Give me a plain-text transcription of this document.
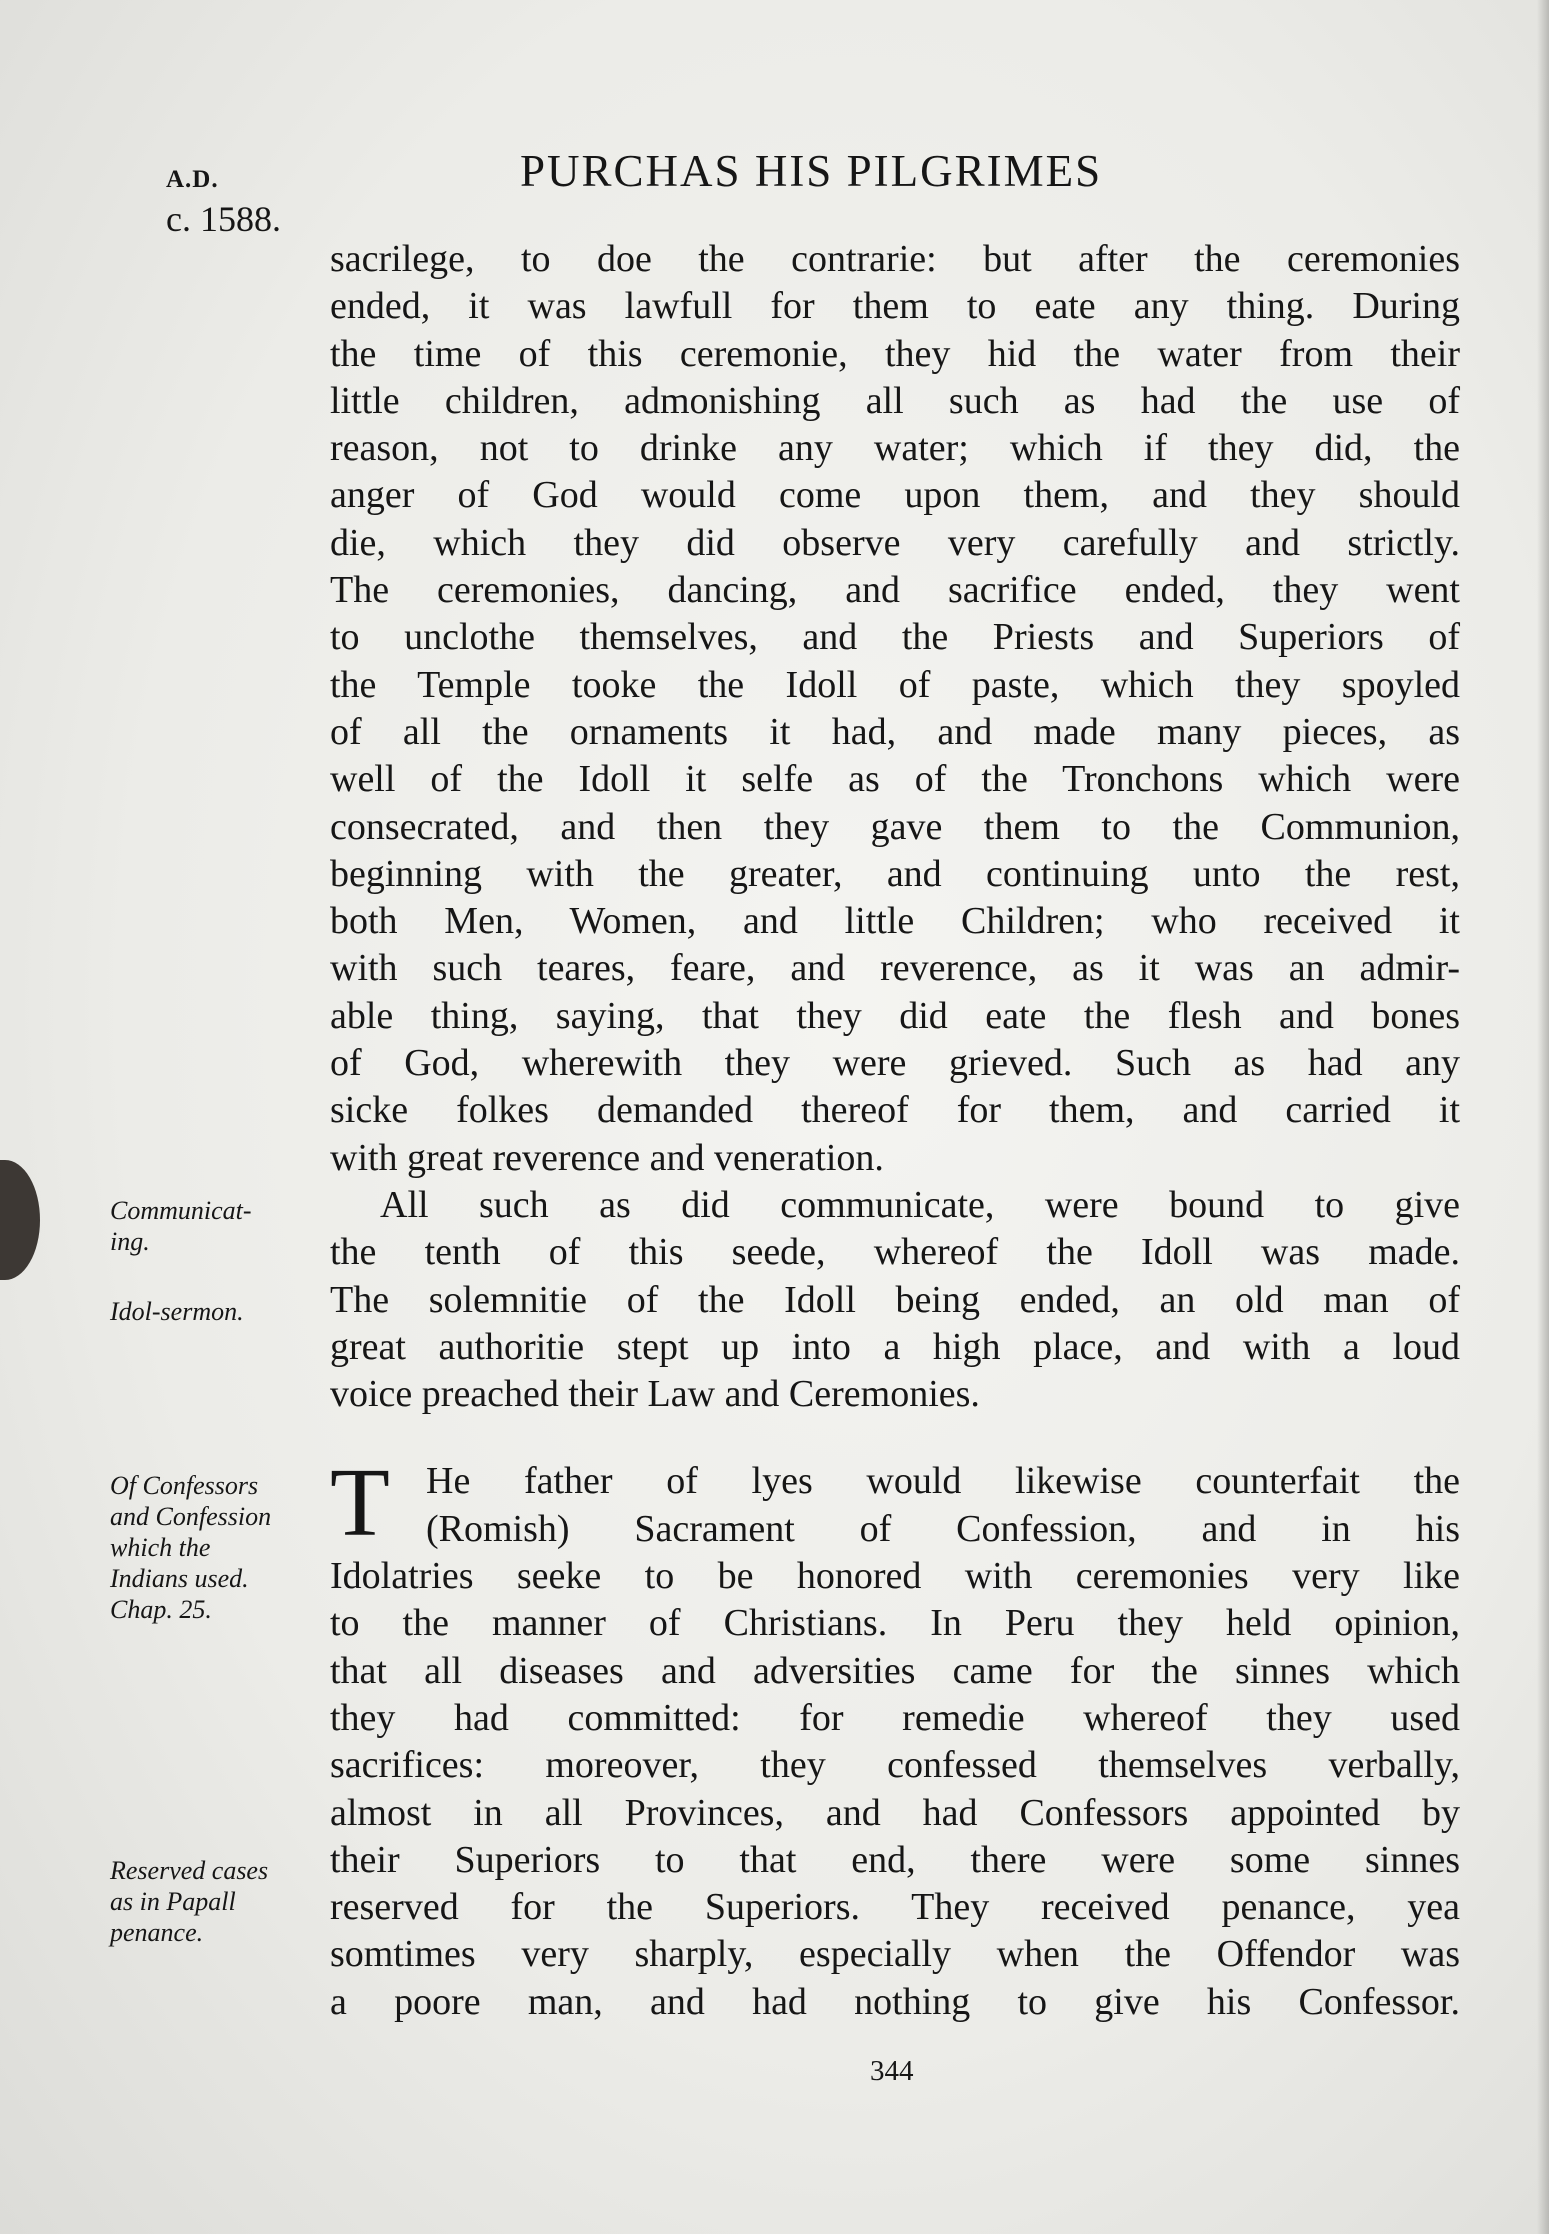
A.D.
c. 1588.
PURCHAS HIS PILGRIMES
Communicat-
ing.
Idol-sermon.
Of Confessors
and Confession
which the
Indians used.
Chap. 25.
Reserved cases
as in Papall
penance.
sacrilege, to doe the contrarie: but after the ceremonies
ended, it was lawfull for them to eate any thing. During
the time of this ceremonie, they hid the water from their
little children, admonishing all such as had the use of
reason, not to drinke any water; which if they did, the
anger of God would come upon them, and they should
die, which they did observe very carefully and strictly.
The ceremonies, dancing, and sacrifice ended, they went
to unclothe themselves, and the Priests and Superiors of
the Temple tooke the Idoll of paste, which they spoyled
of all the ornaments it had, and made many pieces, as
well of the Idoll it selfe as of the Tronchons which were
consecrated, and then they gave them to the Communion,
beginning with the greater, and continuing unto the rest,
both Men, Women, and little Children; who received it
with such teares, feare, and reverence, as it was an admir-
able thing, saying, that they did eate the flesh and bones
of God, wherewith they were grieved. Such as had any
sicke folkes demanded thereof for them, and carried it
with great reverence and veneration.
All such as did communicate, were bound to give
the tenth of this seede, whereof the Idoll was made.
The solemnitie of the Idoll being ended, an old man of
great authoritie stept up into a high place, and with a loud
voice preached their Law and Ceremonies.
T He father of lyes would likewise counterfait the
(Romish) Sacrament of Confession, and in his
Idolatries seeke to be honored with ceremonies very like
to the manner of Christians. In Peru they held opinion,
that all diseases and adversities came for the sinnes which
they had committed: for remedie whereof they used
sacrifices: moreover, they confessed themselves verbally,
almost in all Provinces, and had Confessors appointed by
their Superiors to that end, there were some sinnes
reserved for the Superiors. They received penance, yea
somtimes very sharply, especially when the Offendor was
a poore man, and had nothing to give his Confessor.
344
